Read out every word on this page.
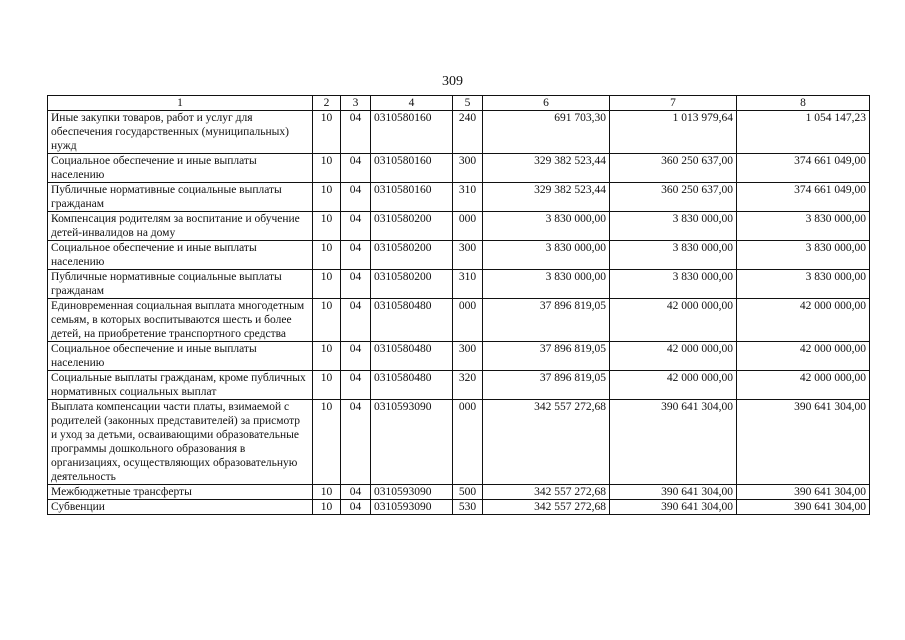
309
1	2	3	4	5	6	7	8
Иные закупки товаров, работ и услуг для обеспечения государственных (муниципальных) нужд	10	04	0310580160	240	691 703,30	1 013 979,64	1 054 147,23
Социальное обеспечение и иные выплаты населению	10	04	0310580160	300	329 382 523,44	360 250 637,00	374 661 049,00
Публичные нормативные социальные выплаты гражданам	10	04	0310580160	310	329 382 523,44	360 250 637,00	374 661 049,00
Компенсация родителям за воспитание и обучение детей-инвалидов на дому	10	04	0310580200	000	3 830 000,00	3 830 000,00	3 830 000,00
Социальное обеспечение и иные выплаты населению	10	04	0310580200	300	3 830 000,00	3 830 000,00	3 830 000,00
Публичные нормативные социальные выплаты гражданам	10	04	0310580200	310	3 830 000,00	3 830 000,00	3 830 000,00
Единовременная социальная выплата многодетным семьям, в которых воспитываются шесть и более детей, на приобретение транспортного средства	10	04	0310580480	000	37 896 819,05	42 000 000,00	42 000 000,00
Социальное обеспечение и иные выплаты населению	10	04	0310580480	300	37 896 819,05	42 000 000,00	42 000 000,00
Социальные выплаты гражданам, кроме публичных нормативных социальных выплат	10	04	0310580480	320	37 896 819,05	42 000 000,00	42 000 000,00
Выплата компенсации части платы, взимаемой с родителей (законных представителей) за присмотр и уход за детьми, осваивающими образовательные программы дошкольного образования в организациях, осуществляющих образовательную деятельность	10	04	0310593090	000	342 557 272,68	390 641 304,00	390 641 304,00
Межбюджетные трансферты	10	04	0310593090	500	342 557 272,68	390 641 304,00	390 641 304,00
Субвенции	10	04	0310593090	530	342 557 272,68	390 641 304,00	390 641 304,00
